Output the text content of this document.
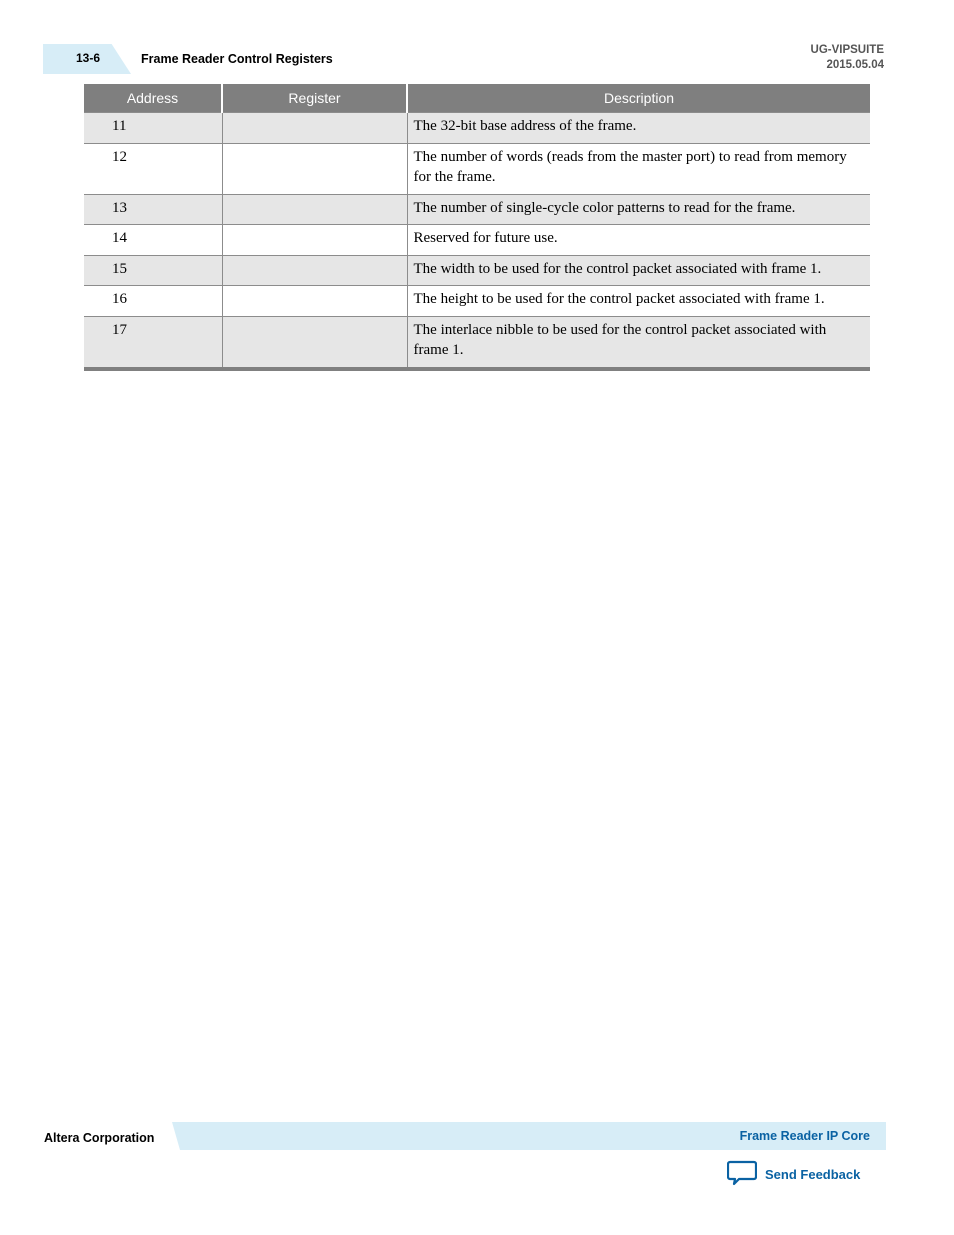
13-6	Frame Reader Control Registers
UG-VIPSUITE
2015.05.04
Address	Register	Description
11		The 32-bit base address of the frame.
12		The number of words (reads from the master port) to read from memory for the frame.
13		The number of single-cycle color patterns to read for the frame.
14		Reserved for future use.
15		The width to be used for the control packet associated with frame 1.
16		The height to be used for the control packet associated with frame 1.
17		The interlace nibble to be used for the control packet associated with frame 1.
Altera Corporation	Frame Reader IP Core
Send Feedback
